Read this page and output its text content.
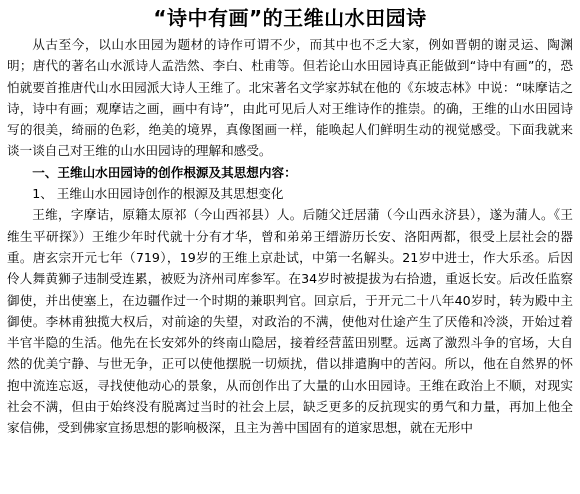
“诗中有画”的王维山水田园诗

从古至今，以山水田园为题材的诗作可谓不少，而其中也不乏大家，例如晋朝的谢灵运、陶渊明；唐代的著名山水派诗人孟浩然、李白、杜甫等。但若论山水田园诗真正能做到“诗中有画”的，恐怕就要首推唐代山水田园派大诗人王维了。北宋著名文学家苏轼在他的《东坡志林》中说：“味摩诘之诗，诗中有画；观摩诘之画，画中有诗”，由此可见后人对王维诗作的推崇。的确，王维的山水田园诗写的很美，绮丽的色彩，绝美的境界，真像图画一样，能唤起人们鲜明生动的视觉感受。下面我就来谈一谈自己对王维的山水田园诗的理解和感受。

一、王维山水田园诗的创作根源及其思想内容：

1、 王维山水田园诗创作的根源及其思想变化

王维，字摩诘，原籍太原祁（今山西祁县）人。后随父迁居蒲（今山西永济县），遂为蒲人。《王维生平研探》）王维少年时代就十分有才华，曾和弟弟王缙游历长安、洛阳两都，很受上层社会的器重。唐玄宗开元七年（719），19岁的王维上京赴试，中第一名解头。21岁中进士，作大乐丞。后因伶人舞黄狮子违制受连累，被贬为济州司库参军。在34岁时被提拔为右拾遗，重返长安。后改任监察御使，并出使塞上，在边疆作过一个时期的兼职判官。回京后，于开元二十八年40岁时，转为殿中主御使。李林甫独揽大权后，对前途的失望，对政治的不满，使他对仕途产生了厌倦和冷淡，开始过着半官半隐的生活。他先在长安郊外的终南山隐居，接着经营蓝田别墅。远离了激烈斗争的官场，大自然的优美宁静、与世无争，正可以使他摆脱一切烦扰，借以排遣胸中的苦闷。所以，他在自然界的怀抱中流连忘返，寻找使他动心的景象，从而创作出了大量的山水田园诗。王维在政治上不顺，对现实社会不满，但由于始终没有脱离过当时的社会上层，缺乏更多的反抗现实的勇气和力量，再加上他全家信佛，受到佛家宣扬思想的影响极深，且主为善中国固有的道家思想，就在无形中
